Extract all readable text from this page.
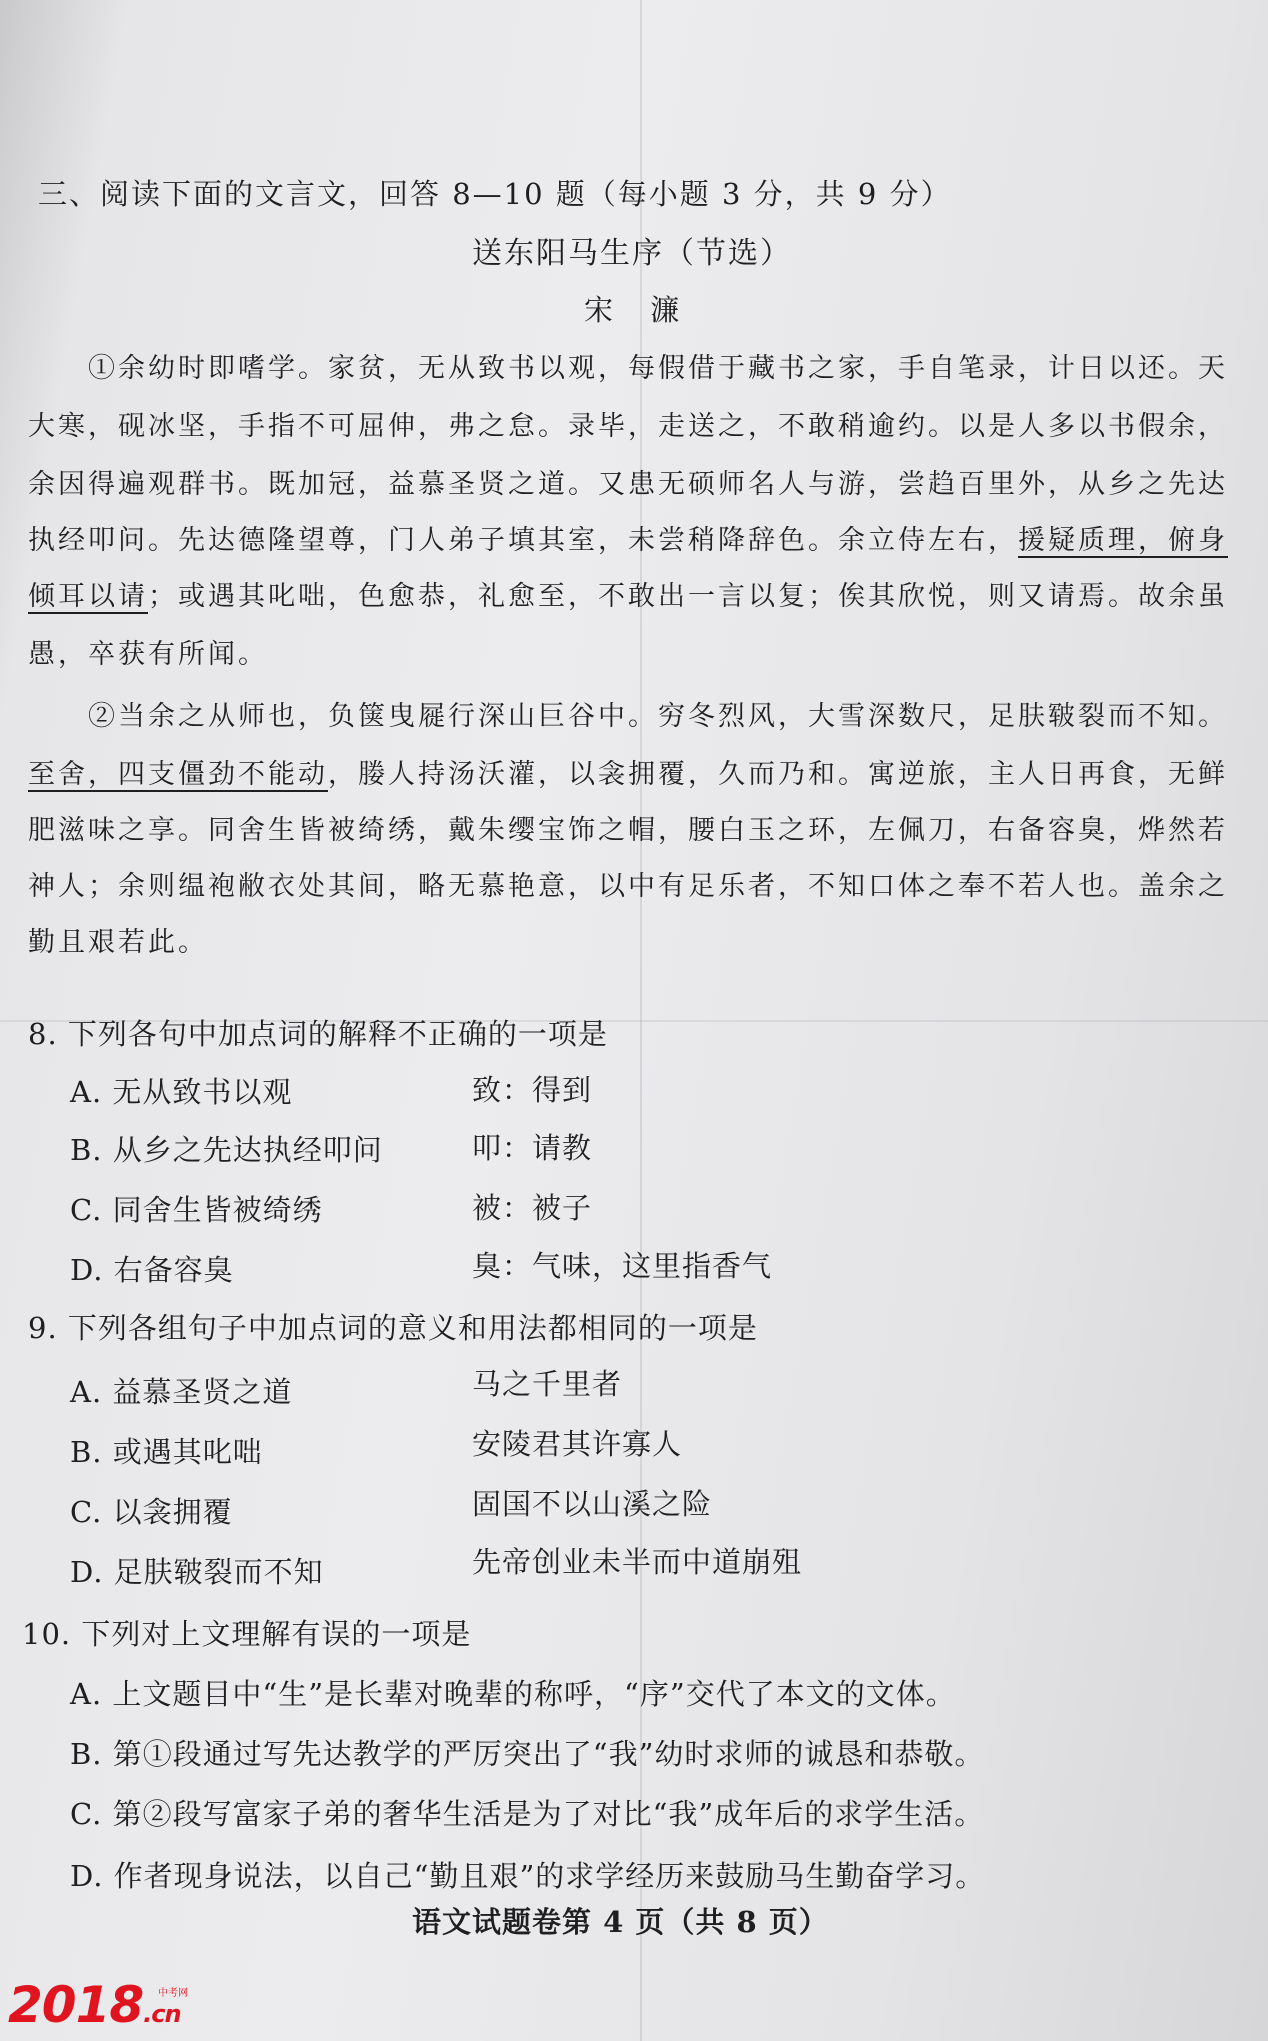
三、阅读下面的文言文，回答 8—10 题（每小题 3 分，共 9 分）
送东阳马生序（节选）
宋 濂
①余幼时即嗜学。家贫，无从致书以观，每假借于藏书之家，手自笔录，计日以还。天
大寒，砚冰坚，手指不可屈伸，弗之怠。录毕，走送之，不敢稍逾约。以是人多以书假余，
余因得遍观群书。既加冠，益慕圣贤之道。又患无硕师名人与游，尝趋百里外，从乡之先达
执经叩问。先达德隆望尊，门人弟子填其室，未尝稍降辞色。余立侍左右，援疑质理，俯身
倾耳以请；或遇其叱咄，色愈恭，礼愈至，不敢出一言以复；俟其欣悦，则又请焉。故余虽
愚，卒获有所闻。
②当余之从师也，负箧曳屣行深山巨谷中。穷冬烈风，大雪深数尺，足肤皲裂而不知。
至舍，四支僵劲不能动，媵人持汤沃灌，以衾拥覆，久而乃和。寓逆旅，主人日再食，无鲜
肥滋味之享。同舍生皆被绮绣，戴朱缨宝饰之帽，腰白玉之环，左佩刀，右备容臭，烨然若
神人；余则缊袍敝衣处其间，略无慕艳意，以中有足乐者，不知口体之奉不若人也。盖余之
勤且艰若此。
8. 下列各句中加点词的解释不正确的一项是
A. 无从致书以观	致：得到
B. 从乡之先达执经叩问	叩：请教
C. 同舍生皆被绮绣	被：被子
D. 右备容臭	臭：气味，这里指香气
9. 下列各组句子中加点词的意义和用法都相同的一项是
A. 益慕圣贤之道	马之千里者
B. 或遇其叱咄	安陵君其许寡人
C. 以衾拥覆	固国不以山溪之险
D. 足肤皲裂而不知	先帝创业未半而中道崩殂
10. 下列对上文理解有误的一项是
A. 上文题目中“生”是长辈对晚辈的称呼，“序”交代了本文的文体。
B. 第①段通过写先达教学的严厉突出了“我”幼时求师的诚恳和恭敬。
C. 第②段写富家子弟的奢华生活是为了对比“我”成年后的求学生活。
D. 作者现身说法，以自己“勤且艰”的求学经历来鼓励马生勤奋学习。
语文试题卷第 4 页（共 8 页）
2018.cn
中考网
